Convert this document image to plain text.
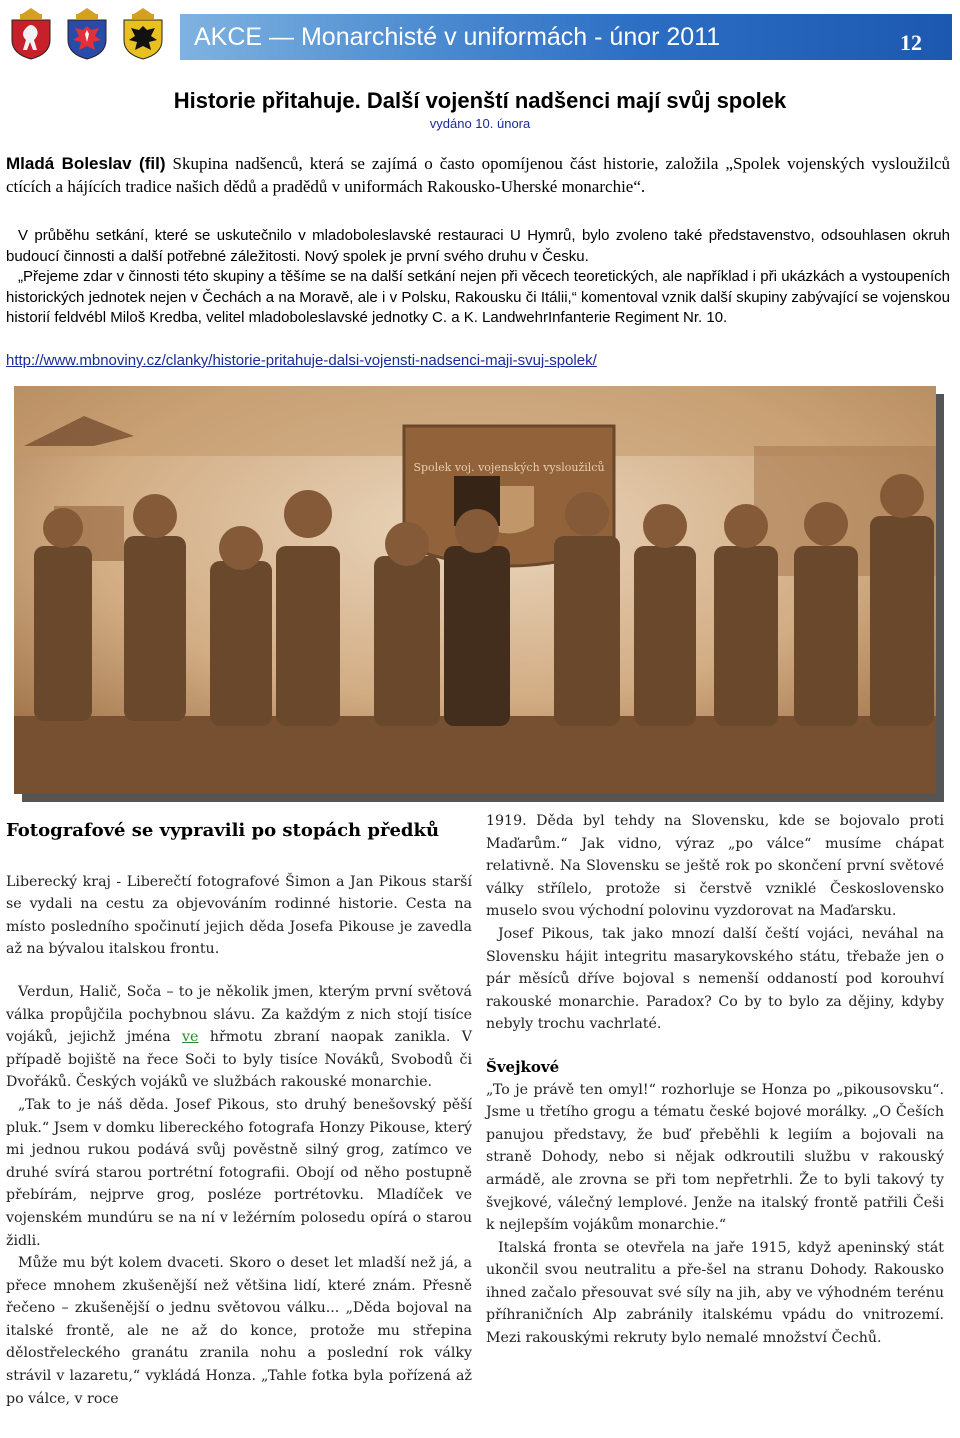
AKCE — Monarchisté v uniformách - únor 2011	12
Historie přitahuje. Další vojenští nadšenci mají svůj spolek
vydáno 10. února
Mladá Boleslav (fil) Skupina nadšenců, která se zajímá o často opomíjenou část historie, založila „Spolek vojenských vysloužilců ctících a hájících tradice našich dědů a pradědů v uniformách Rakousko-Uherské monarchie“.

V průběhu setkání, které se uskutečnilo v mladoboleslavské restauraci U Hymrů, bylo zvoleno také představenstvo, odsouhlasen okruh budoucí činnosti a další potřebné záležitosti. Nový spolek je první svého druhu v Česku.

„Přejeme zdar v činnosti této skupiny a těšíme se na další setkání nejen při věcech teoretických, ale například i při ukázkách a vystoupeních historických jednotek nejen v Čechách a na Moravě, ale i v Polsku, Rakousku či Itálii,“ komentoval vznik další skupiny zabývající se vojenskou historií feldvébl Miloš Kredba, velitel mladoboleslavské jednotky C. a K. LandwehrInfanterie Regiment Nr. 10.

http://www.mbnoviny.cz/clanky/historie-pritahuje-dalsi-vojensti-nadsenci-maji-svuj-spolek/
Spolek voj. vojenských vysloužilců
Fotografové se vypravili po stopách předků

Liberecký kraj - Liberečtí fotografové Šimon a Jan Pikous starší se vydali na cestu za objevováním rodinné historie. Cesta na místo posledního spočinutí jejich děda Josefa Pikouse je zavedla až na bývalou italskou frontu.

Verdun, Halič, Soča – to je několik jmen, kterým první světová válka propůjčila pochybnou slávu. Za každým z nich stojí tisíce vojáků, jejichž jména ve hřmotu zbraní naopak zanikla. V případě bojiště na řece Soči to byly tisíce Nováků, Svobodů či Dvořáků. Českých vojáků ve službách rakouské monarchie.

„Tak to je náš děda. Josef Pikous, sto druhý benešovský pěší pluk.“ Jsem v domku libereckého fotografa Honzy Pikouse, který mi jednou rukou podává svůj pověstně silný grog, zatímco ve druhé svírá starou portrétní fotografii. Obojí od něho postupně přebírám, nejprve grog, posléze portrétovku. Mladíček ve vojenském mundúru se na ní v ležérním polosedu opírá o starou židli.

Může mu být kolem dvaceti. Skoro o deset let mladší než já, a přece mnohem zkušenější než většina lidí, které znám. Přesně řečeno – zkušenější o jednu světovou válku... „Děda bojoval na italské frontě, ale ne až do konce, protože mu střepina dělostřeleckého granátu zranila nohu a poslední rok války strávil v lazaretu,“ vykládá Honza. „Tahle fotka byla pořízená až po válce, v roce

1919. Děda byl tehdy na Slovensku, kde se bojovalo proti Maďarům.“ Jak vidno, výraz „po válce“ musíme chápat relativně. Na Slovensku se ještě rok po skončení první světové války střílelo, protože si čerstvě vzniklé Československo muselo svou východní polovinu vyzdorovat na Maďarsku.

Josef Pikous, tak jako mnozí další čeští vojáci, neváhal na Slovensku hájit integritu masarykovského státu, třebaže jen o pár měsíců dříve bojoval s nemenší oddaností pod korouhví rakouské monarchie. Paradox? Co by to bylo za dějiny, kdyby nebyly trochu vachrlaté.

Švejkové

„To je právě ten omyl!“ rozhorluje se Honza po „pikousovsku“. Jsme u třetího grogu a tématu české bojové morálky. „O Češích panujou představy, že buď přeběhli k legiím a bojovali na straně Dohody, nebo si nějak odkroutili službu v rakouský armádě, ale zrovna se při tom nepřetrhli. Že to byli takový ty švejkové, válečný lemplové. Jenže na italský frontě patřili Češi k nejlepším vojákům monarchie.“

Italská fronta se otevřela na jaře 1915, když apeninský stát ukončil svou neutralitu a pře-šel na stranu Dohody. Rakousko ihned začalo přesouvat své síly na jih, aby ve výhodném terénu příhraničních Alp zabránily italskému vpádu do vnitrozemí. Mezi rakouskými rekruty bylo nemalé množství Čechů.
